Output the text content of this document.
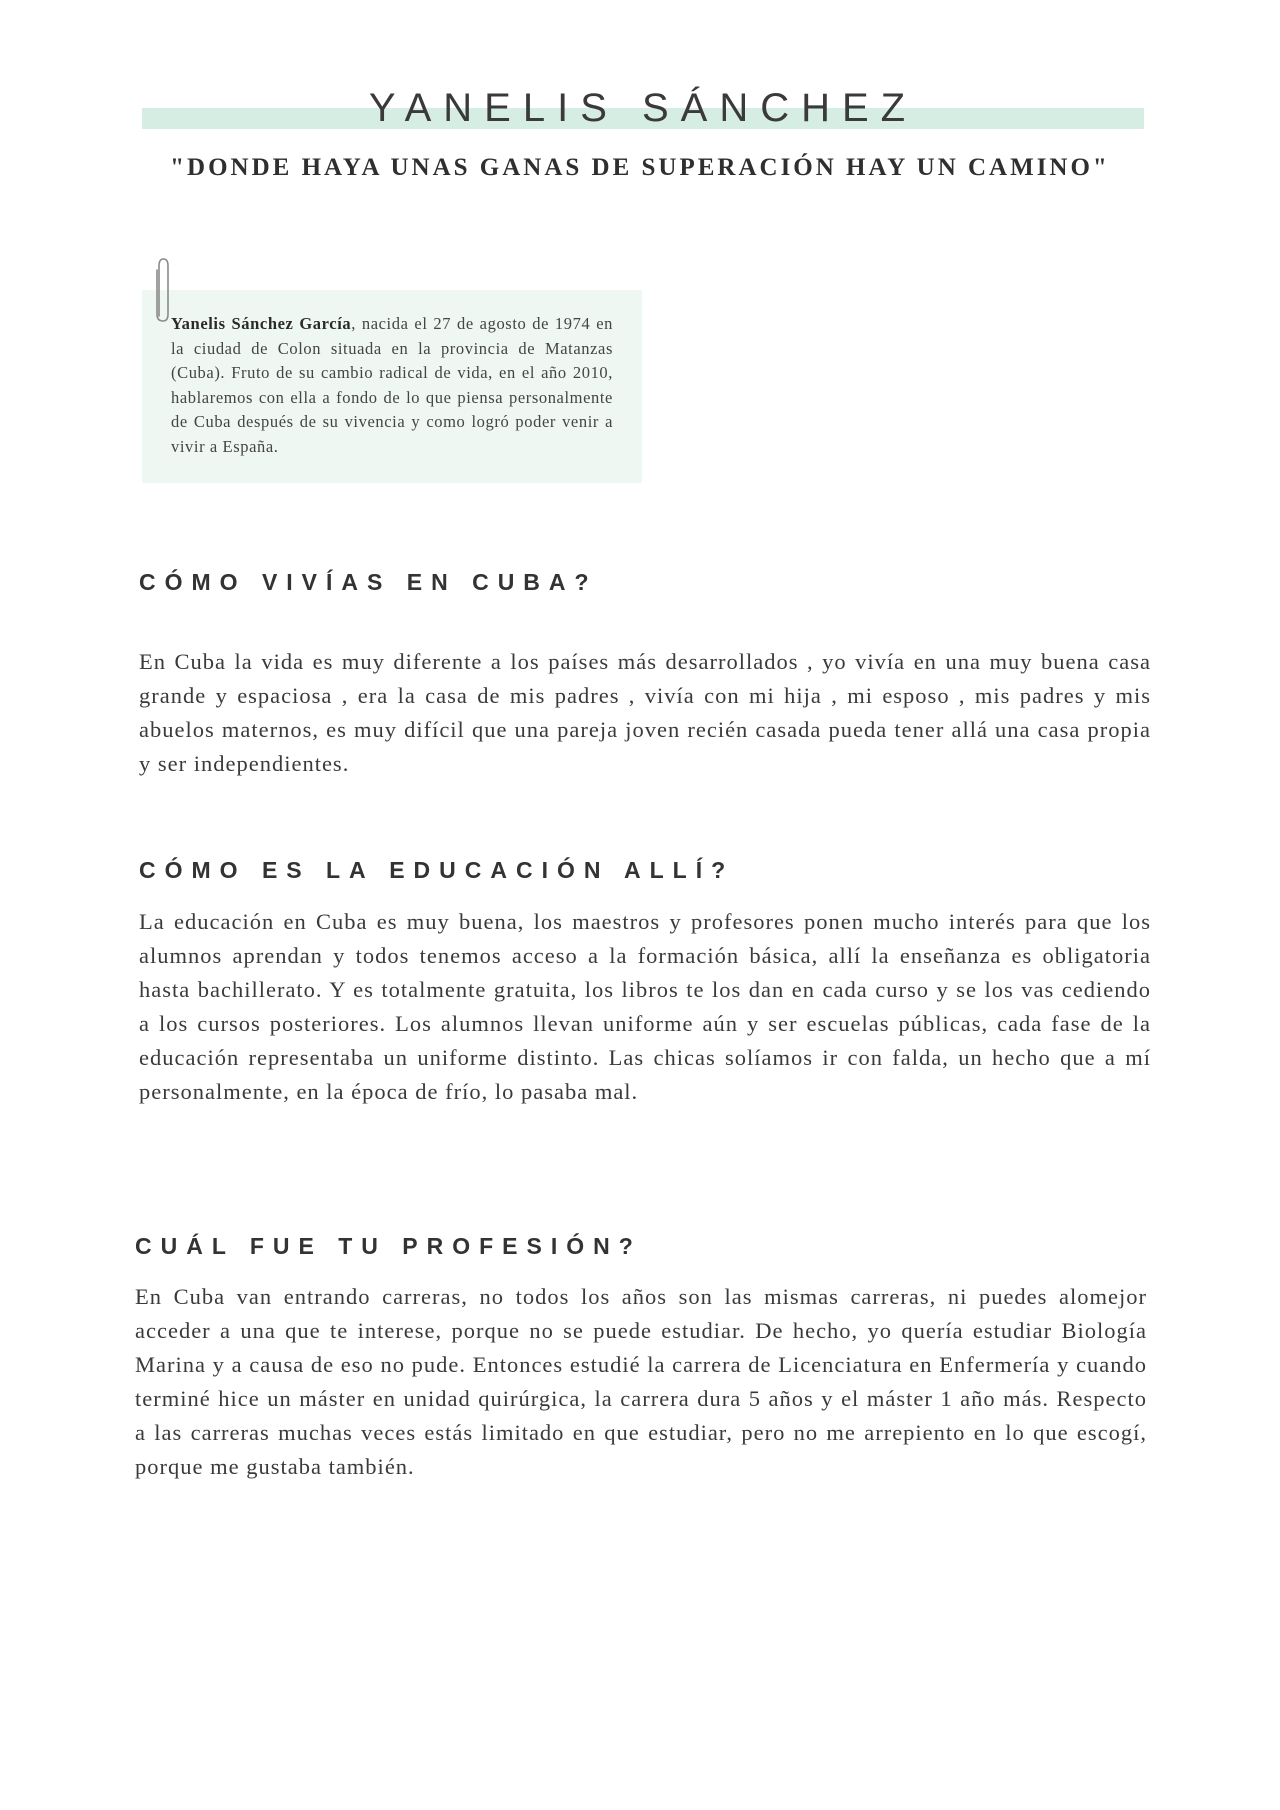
YANELIS SÁNCHEZ

"DONDE HAYA UNAS GANAS DE SUPERACIÓN HAY UN CAMINO"

Yanelis Sánchez García, nacida el 27 de agosto de 1974 en la ciudad de Colon situada en la provincia de Matanzas (Cuba). Fruto de su cambio radical de vida, en el año 2010, hablaremos con ella a fondo de lo que piensa personalmente de Cuba después de su vivencia y como logró poder venir a vivir a España.

CÓMO VIVÍAS EN CUBA?

En Cuba la vida es muy diferente a los países más desarrollados , yo vivía en una muy buena casa grande y espaciosa , era la casa de mis padres , vivía con mi hija , mi esposo , mis padres y mis abuelos maternos, es muy difícil que una pareja joven recién casada pueda tener allá una casa propia y ser independientes.

CÓMO ES LA EDUCACIÓN ALLÍ?

La educación en Cuba es muy buena, los maestros y profesores ponen mucho interés para que los alumnos aprendan y todos tenemos acceso a la formación básica, allí la enseñanza es obligatoria hasta bachillerato. Y es totalmente gratuita, los libros te los dan en cada curso y se los vas cediendo a los cursos posteriores. Los alumnos llevan uniforme aún y ser escuelas públicas, cada fase de la educación representaba un uniforme distinto. Las chicas solíamos ir con falda, un hecho que a mí personalmente, en la época de frío, lo pasaba mal.

CUÁL FUE TU PROFESIÓN?

En Cuba van entrando carreras, no todos los años son las mismas carreras, ni puedes alomejor acceder a una que te interese, porque no se puede estudiar. De hecho, yo quería estudiar Biología Marina y a causa de eso no pude. Entonces estudié la carrera de Licenciatura en Enfermería y cuando terminé hice un máster en unidad quirúrgica, la carrera dura 5 años y el máster 1 año más. Respecto a las carreras muchas veces estás limitado en que estudiar, pero no me arrepiento en lo que escogí, porque me gustaba también.
